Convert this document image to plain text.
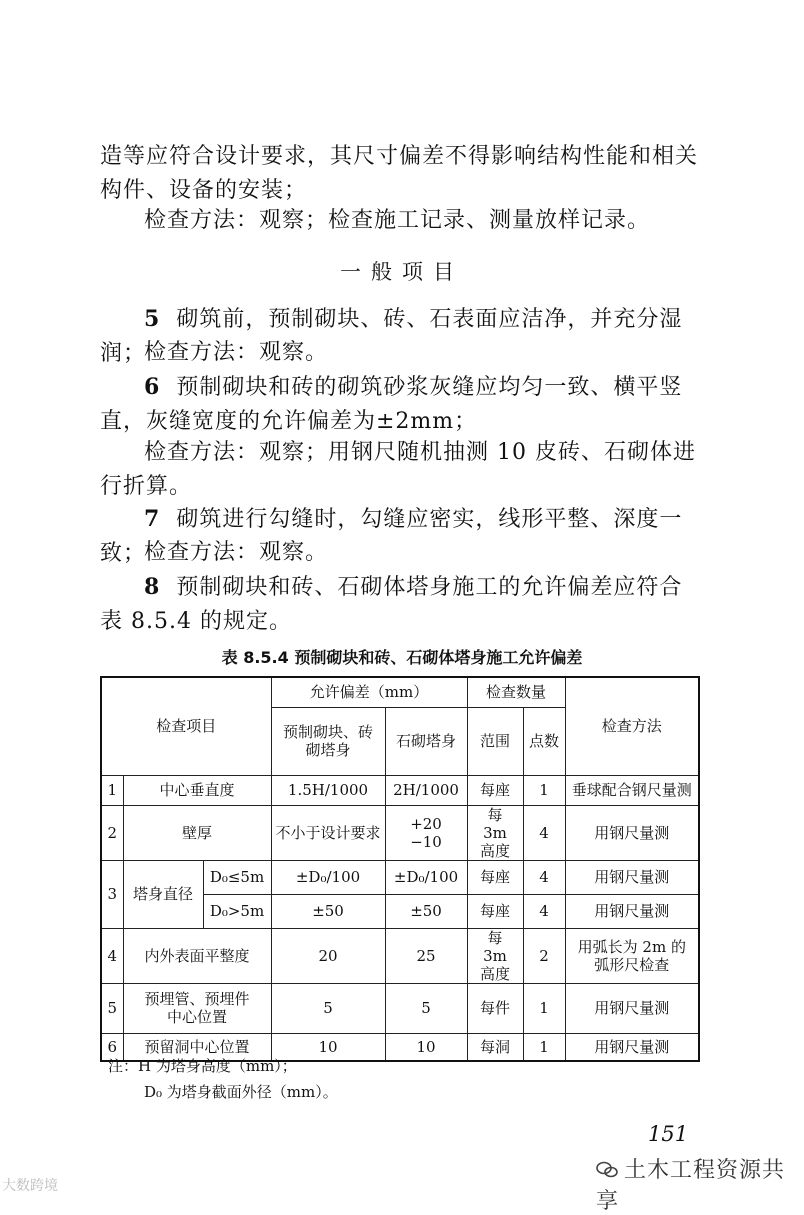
造等应符合设计要求，其尺寸偏差不得影响结构性能和相关构件、设备的安装；

检查方法：观察；检查施工记录、测量放样记录。

一般项目

5 砌筑前，预制砌块、砖、石表面应洁净，并充分湿润；

检查方法：观察。

6 预制砌块和砖的砌筑砂浆灰缝应均匀一致、横平竖直，灰缝宽度的允许偏差为±2mm；

检查方法：观察；用钢尺随机抽测 10 皮砖、石砌体进行折算。

7 砌筑进行勾缝时，勾缝应密实，线形平整、深度一致；

检查方法：观察。

8 预制砌块和砖、石砌体塔身施工的允许偏差应符合表 8.5.4 的规定。

表 8.5.4 预制砌块和砖、石砌体塔身施工允许偏差
检查项目			允许偏差（mm）		检查数量		检查方法
			预制砌块、砖砌塔身	石砌塔身	范围	点数	
1	中心垂直度		1.5H/1000	2H/1000	每座	1	垂球配合钢尺量测
2	壁厚		不小于设计要求	+20 −10	每 3m 高度	4	用钢尺量测
3	塔身直径	D₀≤5m	±D₀/100	±D₀/100	每座	4	用钢尺量测
		D₀>5m	±50	±50	每座	4	用钢尺量测
4	内外表面平整度		20	25	每 3m 高度	2	用弧长为 2m 的弧形尺检查
5	预埋管、预埋件中心位置		5	5	每件	1	用钢尺量测
6	预留洞中心位置		10	10	每洞	1	用钢尺量测
注：H 为塔身高度（mm）；
D₀ 为塔身截面外径（mm）。
151
大数跨境
土木工程资源共享
